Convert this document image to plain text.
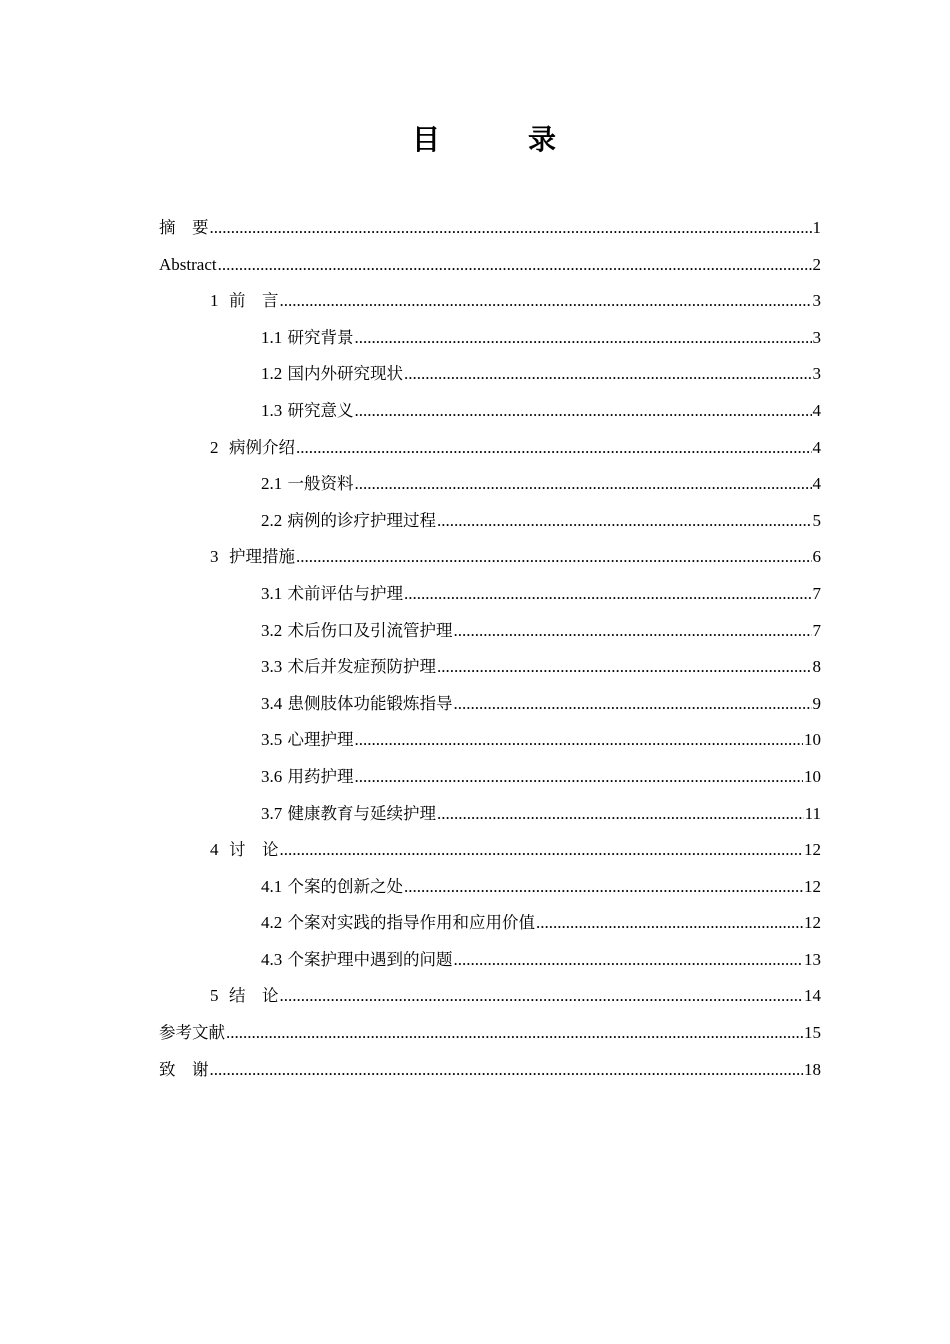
目　录
摘　要 .....	1
Abstract .....	2
1 前　言 .....	3
1.1 研究背景 .....	3
1.2 国内外研究现状 .....	3
1.3 研究意义 .....	4
2 病例介绍 .....	4
2.1 一般资料 .....	4
2.2 病例的诊疗护理过程 .....	5
3 护理措施 .....	6
3.1 术前评估与护理 .....	7
3.2 术后伤口及引流管护理 .....	7
3.3 术后并发症预防护理 .....	8
3.4 患侧肢体功能锻炼指导 .....	9
3.5 心理护理 .....	10
3.6 用药护理 .....	10
3.7 健康教育与延续护理 .....	11
4 讨　论 .....	12
4.1 个案的创新之处 .....	12
4.2 个案对实践的指导作用和应用价值 .....	12
4.3 个案护理中遇到的问题 .....	13
5 结　论 .....	14
参考文献 .....	15
致　谢 .....	18
